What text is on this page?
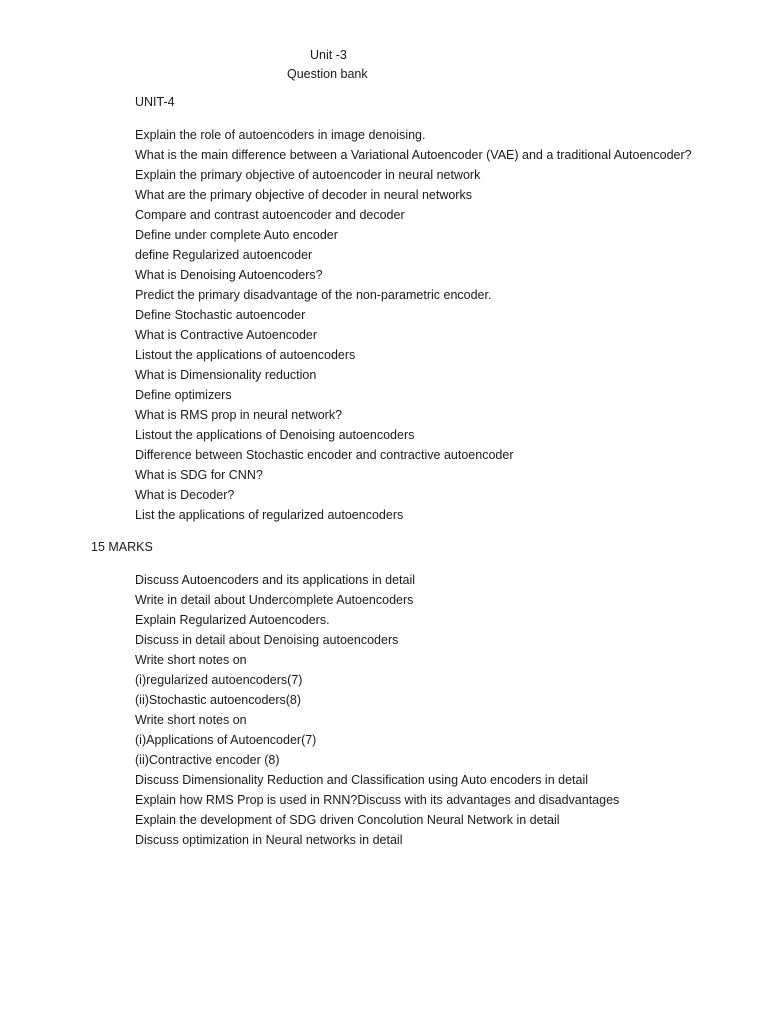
Unit -3
Question bank
UNIT-4
Explain the role of autoencoders in image denoising.
What is the main difference between a Variational Autoencoder (VAE) and a traditional Autoencoder?
Explain the primary objective of autoencoder in neural network
What are the primary objective of decoder in neural networks
Compare and contrast autoencoder and decoder
Define under complete Auto encoder
define Regularized autoencoder
What is Denoising Autoencoders?
Predict the primary disadvantage of the non-parametric encoder.
Define Stochastic autoencoder
What is Contractive Autoencoder
Listout the applications of autoencoders
What is Dimensionality reduction
Define optimizers
What is RMS prop in neural network?
Listout the applications of Denoising autoencoders
Difference between Stochastic encoder and contractive autoencoder
What is SDG for CNN?
What is Decoder?
List the applications of regularized autoencoders
15 MARKS
Discuss Autoencoders and its applications in detail
Write in detail about Undercomplete Autoencoders
Explain Regularized Autoencoders.
Discuss in detail about Denoising autoencoders
Write short notes on
(i)regularized autoencoders(7)
(ii)Stochastic autoencoders(8)
Write short notes on
(i)Applications of Autoencoder(7)
(ii)Contractive encoder (8)
Discuss Dimensionality Reduction and Classification using Auto encoders in detail
Explain how RMS Prop is used in RNN?Discuss with its advantages and disadvantages
Explain the development of SDG driven Concolution Neural Network in detail
Discuss optimization in Neural networks in detail
